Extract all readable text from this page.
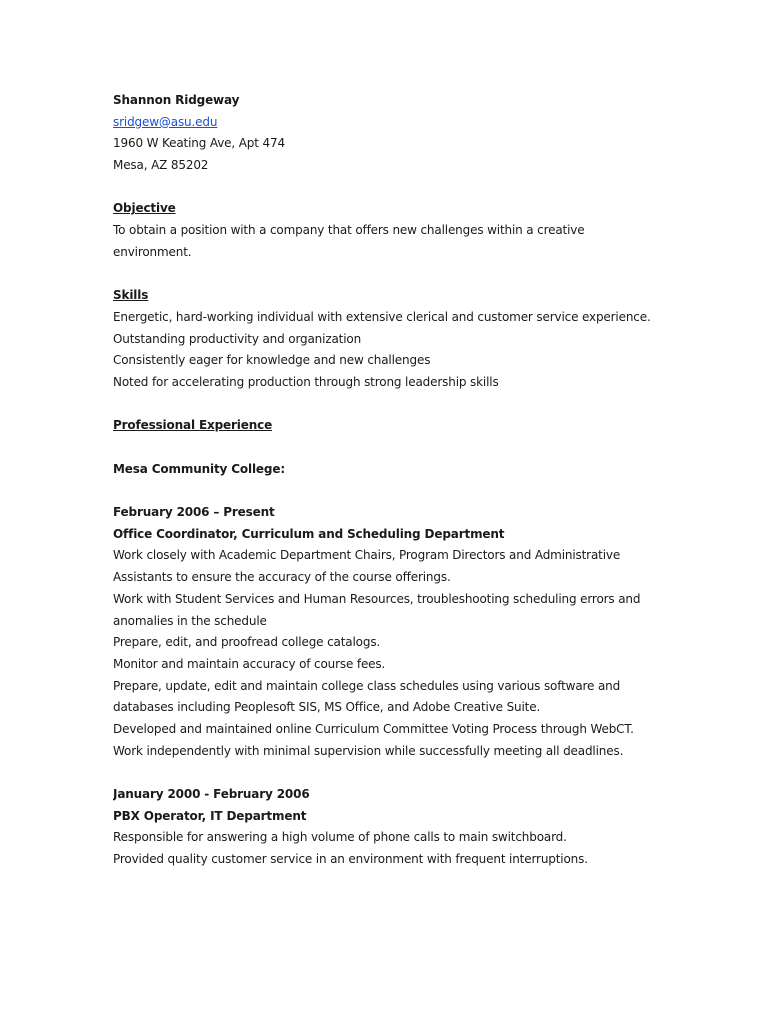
Shannon Ridgeway
sridgew@asu.edu
1960 W Keating Ave, Apt 474
Mesa, AZ 85202
Objective
To obtain a position with a company that offers new challenges within a creative
environment.
Skills
Energetic, hard-working individual with extensive clerical and customer service experience.
Outstanding productivity and organization
Consistently eager for knowledge and new challenges
Noted for accelerating production through strong leadership skills
Professional Experience
Mesa Community College:
February 2006 – Present
Office Coordinator, Curriculum and Scheduling Department
Work closely with Academic Department Chairs, Program Directors and Administrative
Assistants to ensure the accuracy of the course offerings.
Work with Student Services and Human Resources, troubleshooting scheduling errors and
anomalies in the schedule
Prepare, edit, and proofread college catalogs.
Monitor and maintain accuracy of course fees.
Prepare, update, edit and maintain college class schedules using various software and
databases including Peoplesoft SIS, MS Office, and Adobe Creative Suite.
Developed and maintained online Curriculum Committee Voting Process through WebCT.
Work independently with minimal supervision while successfully meeting all deadlines.
January 2000 - February 2006
PBX Operator, IT Department
Responsible for answering a high volume of phone calls to main switchboard.
Provided quality customer service in an environment with frequent interruptions.
